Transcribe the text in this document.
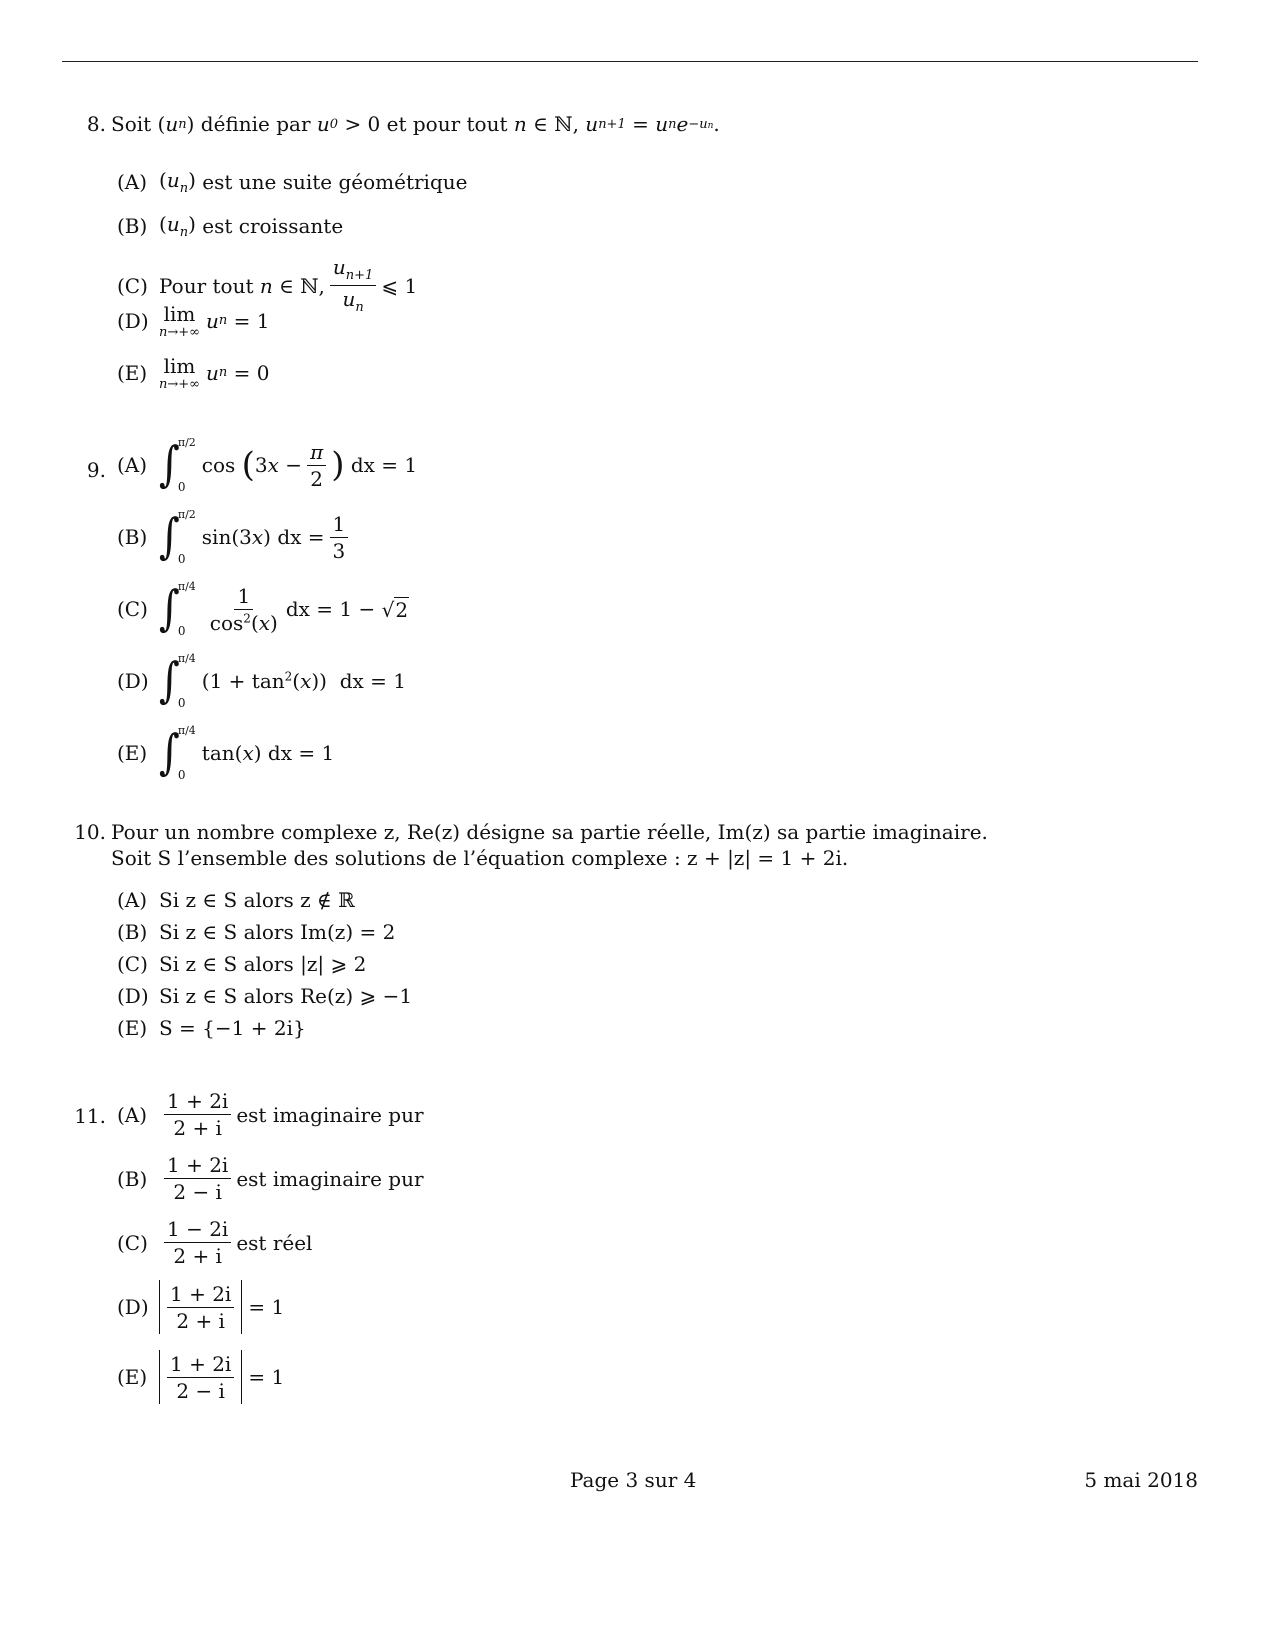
8. Soit
( u n )
définie par
u 0
> 0 et pour tout
n
∈ ℕ,
u n+1 = u n e −un .
(A) $(u_n)$
est une suite géométrique
(B) $(u_n)$
est croissante
(C) Pour tout
n ∈ ℕ, $\frac{u_{n+1}}{u_n}$ ⩽ 1
(D) lim
n→+∞ u n
= 1
(E) lim
n→+∞ u n
= 0
9. (A) ∫
π/2
0
cos
( $3x - \frac{\pi}{2}$ )
dx = 1
(B) ∫
π/2
0
sin(3x)
dx = $\frac{1}{3}$
(C) ∫
π/4
0	$\frac{1}{\cos^2(x)}$ dx = 1 −
√ 2
(D) ∫
π/4
0
$(1 + \tan^2(x))$
dx = 1
(E) ∫
π/4
0
tan(x)
dx = 1
10. Pour un nombre complexe z, Re(z) désigne sa partie réelle, Im(z) sa partie imaginaire.
Soit S l’ensemble des solutions de l’équation complexe : z + |z| = 1 + 2i.
(A) Si z ∈ S alors z ∉ ℝ
(B) Si z ∈ S alors Im(z) = 2
(C) Si z ∈ S alors |z| ⩾ 2
(D) Si z ∈ S alors Re(z) ⩾ −1
(E) S = {−1 + 2i}
11. $(A) \frac{1 + 2i}{2 + i}$ est imaginaire pur
$(B) \frac{1 + 2i}{2 - i}$ est imaginaire pur
$(C) \frac{1 - 2i}{2 + i}$ est réel
$(D) \frac{1 + 2i}{2 + i} = 1$
$(E) \frac{1 + 2i}{2 - i} = 1$
Page 3 sur 4	5 mai 2018
